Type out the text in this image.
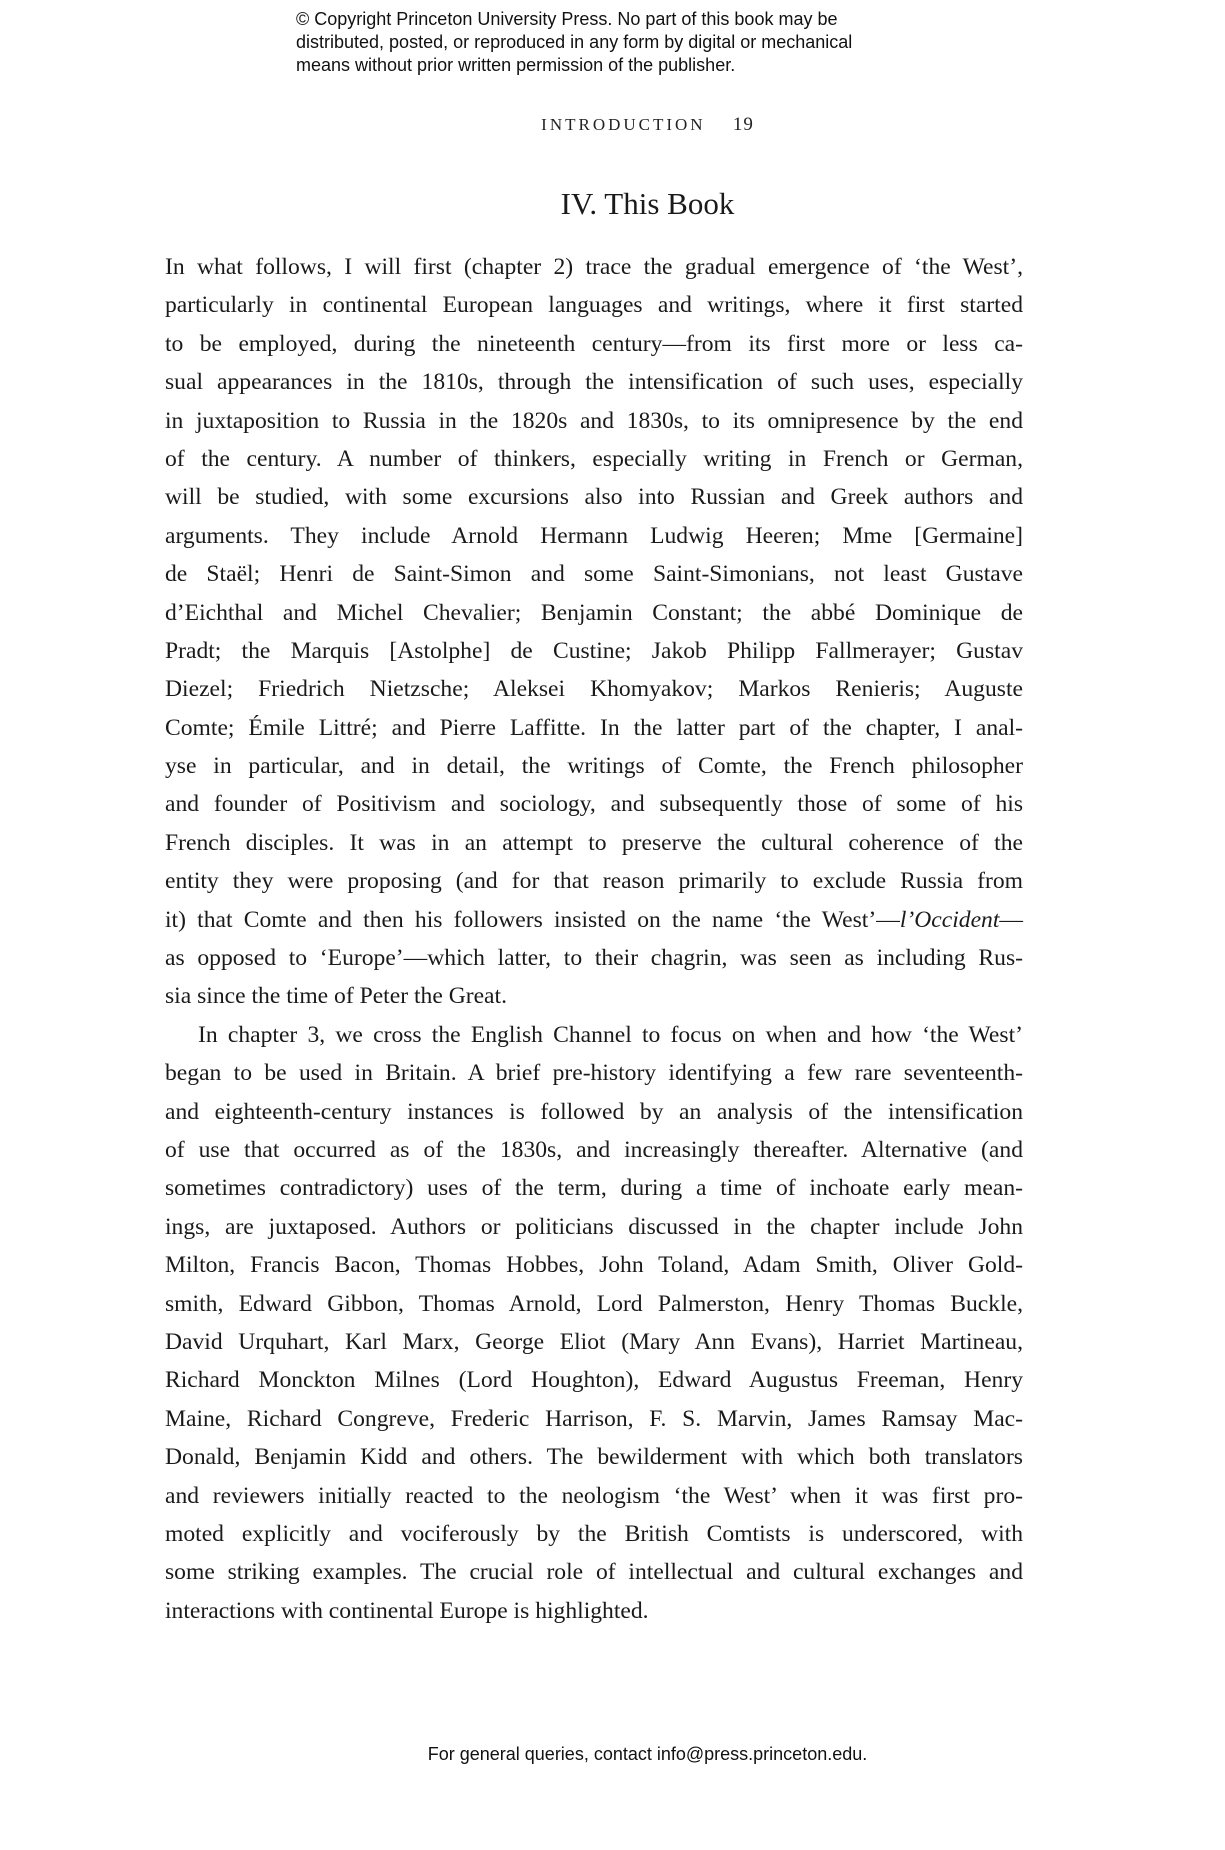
© Copyright Princeton University Press. No part of this book may be
distributed, posted, or reproduced in any form by digital or mechanical
means without prior written permission of the publisher.
INTRODUCTION 19
IV. This Book
In what follows, I will first (chapter 2) trace the gradual emergence of ‘the West’,
particularly in continental European languages and writings, where it first started
to be employed, during the nineteenth century—from its first more or less ca-
sual appearances in the 1810s, through the intensification of such uses, especially
in juxtaposition to Russia in the 1820s and 1830s, to its omnipresence by the end
of the century. A number of thinkers, especially writing in French or German,
will be studied, with some excursions also into Russian and Greek authors and
arguments. They include Arnold Hermann Ludwig Heeren; Mme [Germaine]
de Staël; Henri de Saint-Simon and some Saint-Simonians, not least Gustave
d’Eichthal and Michel Chevalier; Benjamin Constant; the abbé Dominique de
Pradt; the Marquis [Astolphe] de Custine; Jakob Philipp Fallmerayer; Gustav
Diezel; Friedrich Nietzsche; Aleksei Khomyakov; Markos Renieris; Auguste
Comte; Émile Littré; and Pierre Laffitte. In the latter part of the chapter, I anal-
yse in particular, and in detail, the writings of Comte, the French philosopher
and founder of Positivism and sociology, and subsequently those of some of his
French disciples. It was in an attempt to preserve the cultural coherence of the
entity they were proposing (and for that reason primarily to exclude Russia from
it) that Comte and then his followers insisted on the name ‘the West’—l’Occident—
as opposed to ‘Europe’—which latter, to their chagrin, was seen as including Rus-
sia since the time of Peter the Great.
In chapter 3, we cross the English Channel to focus on when and how ‘the West’
began to be used in Britain. A brief pre-history identifying a few rare seventeenth-
and eighteenth-century instances is followed by an analysis of the intensification
of use that occurred as of the 1830s, and increasingly thereafter. Alternative (and
sometimes contradictory) uses of the term, during a time of inchoate early mean-
ings, are juxtaposed. Authors or politicians discussed in the chapter include John
Milton, Francis Bacon, Thomas Hobbes, John Toland, Adam Smith, Oliver Gold-
smith, Edward Gibbon, Thomas Arnold, Lord Palmerston, Henry Thomas Buckle,
David Urquhart, Karl Marx, George Eliot (Mary Ann Evans), Harriet Martineau,
Richard Monckton Milnes (Lord Houghton), Edward Augustus Freeman, Henry
Maine, Richard Congreve, Frederic Harrison, F. S. Marvin, James Ramsay Mac-
Donald, Benjamin Kidd and others. The bewilderment with which both translators
and reviewers initially reacted to the neologism ‘the West’ when it was first pro-
moted explicitly and vociferously by the British Comtists is underscored, with
some striking examples. The crucial role of intellectual and cultural exchanges and
interactions with continental Europe is highlighted.
For general queries, contact info@press.princeton.edu.
